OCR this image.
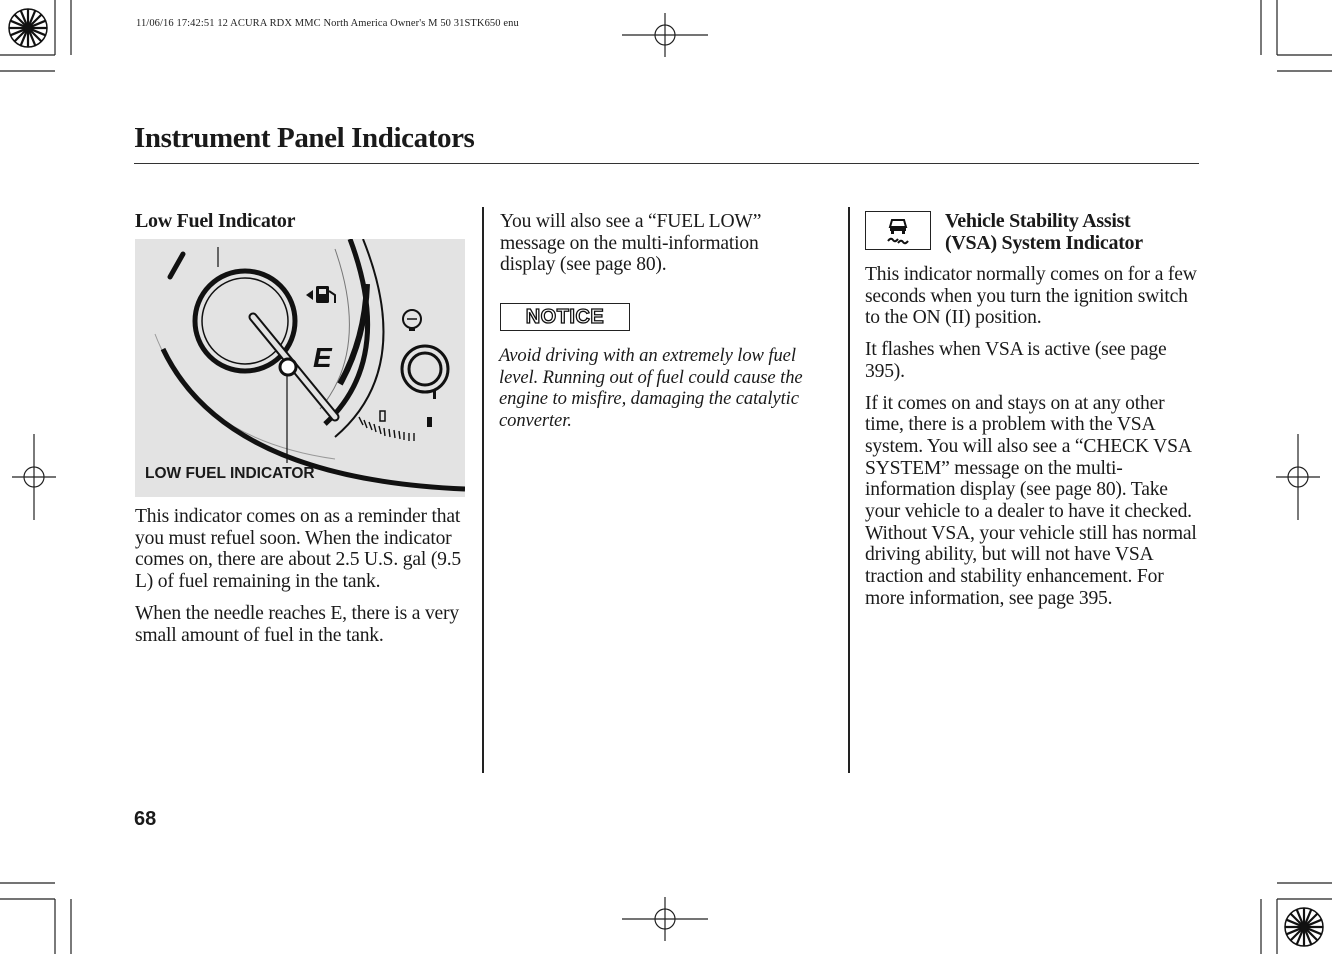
11/06/16 17:42:51 12 ACURA RDX MMC North America Owner's M 50 31STK650 enu
Instrument Panel Indicators
Low Fuel Indicator
E
LOW FUEL INDICATOR

This indicator comes on as a reminder that you must refuel soon. When the indicator comes on, there are about 2.5 U.S. gal (9.5 L) of fuel remaining in the tank.

When the needle reaches E, there is a very small amount of fuel in the tank.

You will also see a “FUEL LOW” message on the multi-information display (see page 80).

NOTICE

Avoid driving with an extremely low fuel level. Running out of fuel could cause the engine to misfire, damaging the catalytic converter.

Vehicle Stability Assist
(VSA) System Indicator

This indicator normally comes on for a few seconds when you turn the ignition switch to the ON (II) position.

It flashes when VSA is active (see page 395).

If it comes on and stays on at any other time, there is a problem with the VSA system. You will also see a “CHECK VSA SYSTEM” message on the multi-information display (see page 80). Take your vehicle to a dealer to have it checked. Without VSA, your vehicle still has normal driving ability, but will not have VSA traction and stability enhancement. For more information, see page 395.

68
